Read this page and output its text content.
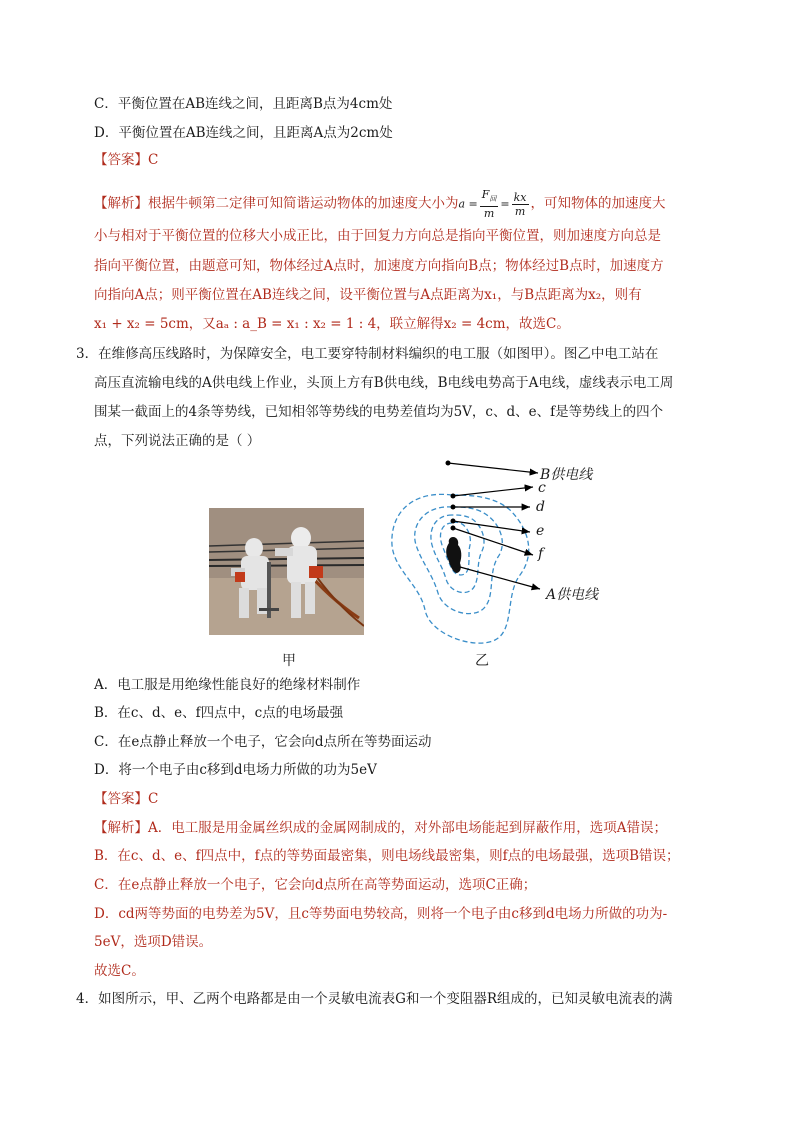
C．平衡位置在AB连线之间，且距离B点为4cm处
D．平衡位置在AB连线之间，且距离A点为2cm处
【答案】C
【解析】根据牛顿第二定律可知简谐运动物体的加速度大小为$a = \frac{F_回}{m} = \frac{kx}{m}$ ，可知物体的加速度大
小与相对于平衡位置的位移大小成正比，由于回复力方向总是指向平衡位置，则加速度方向总是
指向平衡位置，由题意可知，物体经过A点时，加速度方向指向B点；物体经过B点时，加速度方
向指向A点；则平衡位置在AB连线之间，设平衡位置与A点距离为x₁，与B点距离为x₂，则有
x₁ + x₂ = 5cm，又aₐ : a_B = x₁ : x₂ = 1 : 4，联立解得x₂ = 4cm，故选C。
3．在维修高压线路时，为保障安全，电工要穿特制材料编织的电工服（如图甲）。图乙中电工站在
高压直流输电线的A供电线上作业，头顶上方有B供电线，B电线电势高于A电线，虚线表示电工周
围某一截面上的4条等势线，已知相邻等势线的电势差值均为5V，c、d、e、f是等势线上的四个
点，下列说法正确的是（ ）
B供电线
c
d
e
f
A供电线
甲	乙
A．电工服是用绝缘性能良好的绝缘材料制作
B．在c、d、e、f四点中，c点的电场最强
C．在e点静止释放一个电子，它会向d点所在等势面运动
D．将一个电子由c移到d电场力所做的功为5eV
【答案】C
【解析】A．电工服是用金属丝织成的金属网制成的，对外部电场能起到屏蔽作用，选项A错误；
B．在c、d、e、f四点中，f点的等势面最密集，则电场线最密集，则f点的电场最强，选项B错误；
C．在e点静止释放一个电子，它会向d点所在高等势面运动，选项C正确；
D．cd两等势面的电势差为5V，且c等势面电势较高，则将一个电子由c移到d电场力所做的功为-
5eV，选项D错误。
故选C。
4．如图所示，甲、乙两个电路都是由一个灵敏电流表G和一个变阻器R组成的，已知灵敏电流表的满
